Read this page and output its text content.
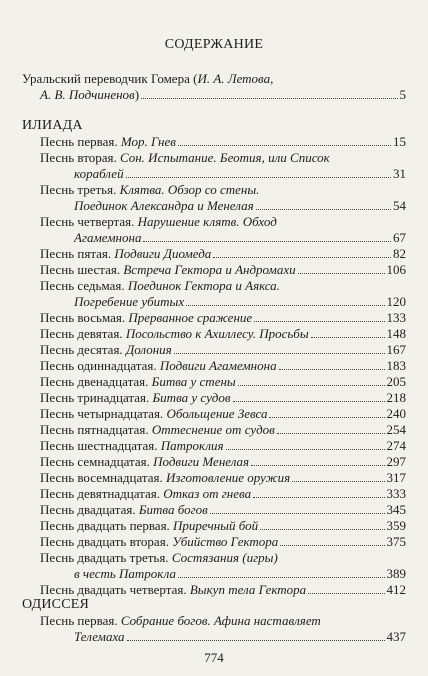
СОДЕРЖАНИЕ
Уральский переводчик Гомера (И. А. Летова,
А. В. Подчиненов)	5
ИЛИАДА
Песнь первая. Мор. Гнев	15
Песнь вторая. Сон. Испытание. Беотия, или Список
кораблей	31
Песнь третья. Клятва. Обзор со стены.
Поединок Александра и Менелая	54
Песнь четвертая. Нарушение клятв. Обход
Агамемнона	67
Песнь пятая. Подвиги Диомеда	82
Песнь шестая. Встреча Гектора и Андромахи	106
Песнь седьмая. Поединок Гектора и Аякса.
Погребение убитых	120
Песнь восьмая. Прерванное сражение	133
Песнь девятая. Посольство к Ахиллесу. Просьбы	148
Песнь десятая. Долония	167
Песнь одиннадцатая. Подвиги Агамемнона	183
Песнь двенадцатая. Битва у стены	205
Песнь тринадцатая. Битва у судов	218
Песнь четырнадцатая. Обольщение Зевса	240
Песнь пятнадцатая. Оттеснение от судов	254
Песнь шестнадцатая. Патроклия	274
Песнь семнадцатая. Подвиги Менелая	297
Песнь восемнадцатая. Изготовление оружия	317
Песнь девятнадцатая. Отказ от гнева	333
Песнь двадцатая. Битва богов	345
Песнь двадцать первая. Приречный бой	359
Песнь двадцать вторая. Убийство Гектора	375
Песнь двадцать третья. Состязания (игры)
в честь Патрокла	389
Песнь двадцать четвертая. Выкуп тела Гектора	412
ОДИССЕЯ
Песнь первая. Собрание богов. Афина наставляет
Телемаха	437
774
